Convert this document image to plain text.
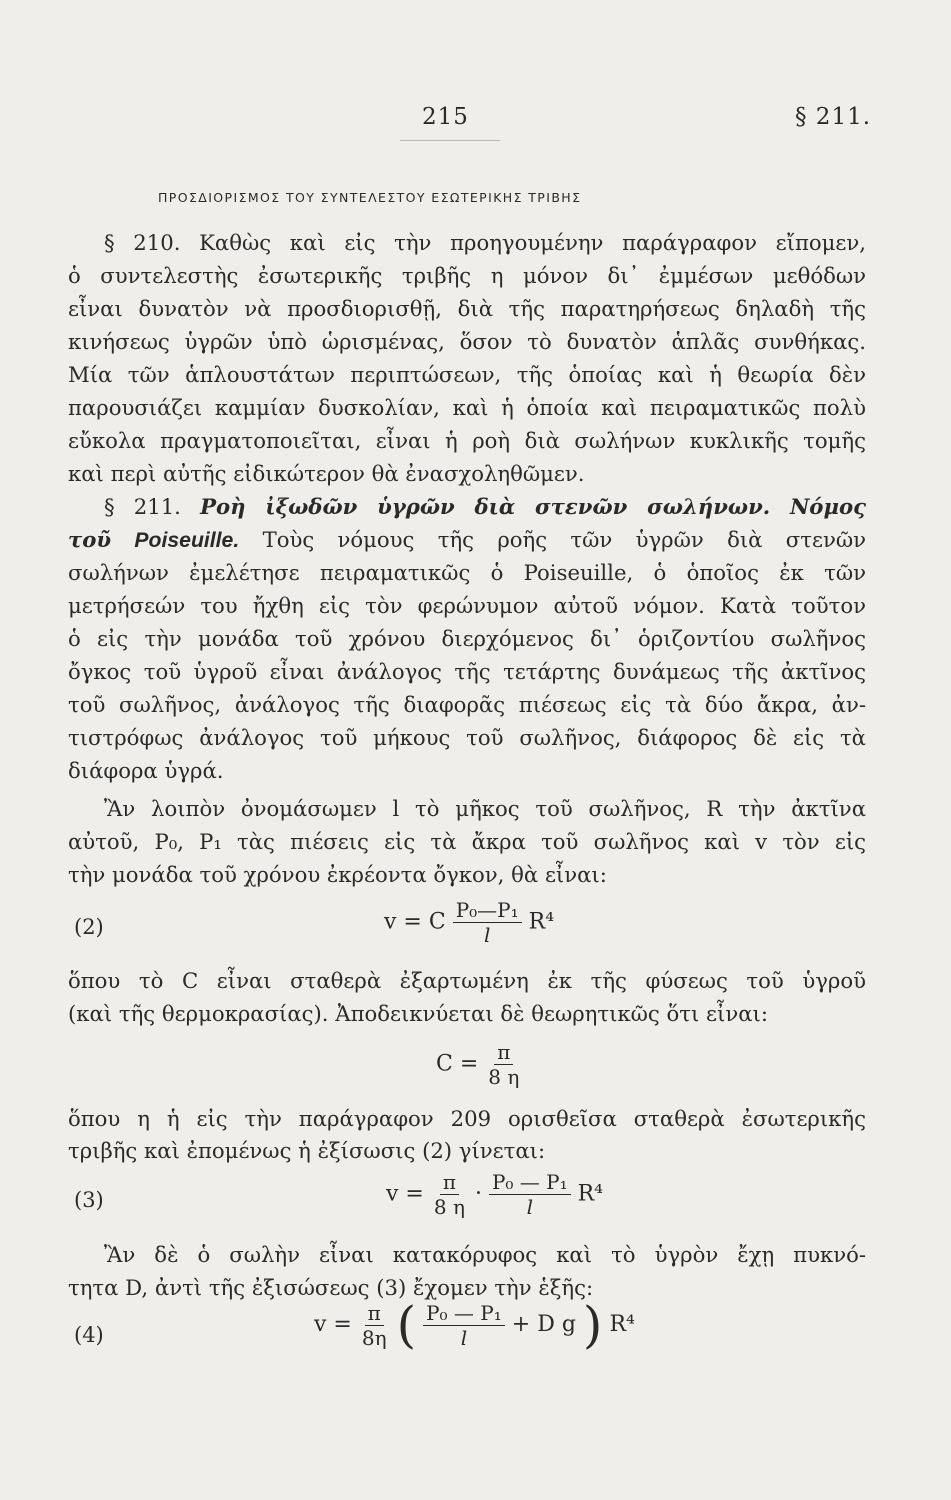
215	§ 211.
ΠΡΟΣΔΙΟΡΙΣΜΟΣ ΤΟΥ ΣΥΝΤΕΛΕΣΤΟΥ ΕΣΩΤΕΡΙΚΗΣ ΤΡΙΒΗΣ
§ 210. Καθὼς καὶ εἰς τὴν προηγουμένην παράγραφον εἴπομεν,
ὁ συντελεστὴς ἐσωτερικῆς τριβῆς η μόνον δι᾽ ἐμμέσων μεθόδων
εἶναι δυνατὸν νὰ προσδιορισθῇ, διὰ τῆς παρατηρήσεως δηλαδὴ τῆς
κινήσεως ὑγρῶν ὑπὸ ὡρισμένας, ὅσον τὸ δυνατὸν ἁπλᾶς συνθήκας.
Μία τῶν ἁπλουστάτων περιπτώσεων, τῆς ὁποίας καὶ ἡ θεωρία δὲν
παρουσιάζει καμμίαν δυσκολίαν, καὶ ἡ ὁποία καὶ πειραματικῶς πολὺ
εὔκολα πραγματοποιεῖται, εἶναι ἡ ροὴ διὰ σωλήνων κυκλικῆς τομῆς
καὶ περὶ αὐτῆς εἰδικώτερον θὰ ἐνασχοληθῶμεν.
§ 211. Ροὴ ἰξωδῶν ὑγρῶν διὰ στενῶν σωλήνων. Νόμος
τοῦ Poiseuille. Τοὺς νόμους τῆς ροῆς τῶν ὑγρῶν διὰ στενῶν
σωλήνων ἐμελέτησε πειραματικῶς ὁ Poiseuille, ὁ ὁποῖος ἐκ τῶν
μετρήσεών του ἤχθη εἰς τὸν φερώνυμον αὐτοῦ νόμον. Κατὰ τοῦτον
ὁ εἰς τὴν μονάδα τοῦ χρόνου διερχόμενος δι᾽ ὁριζοντίου σωλῆνος
ὄγκος τοῦ ὑγροῦ εἶναι ἀνάλογος τῆς τετάρτης δυνάμεως τῆς ἀκτῖνος
τοῦ σωλῆνος, ἀνάλογος τῆς διαφορᾶς πιέσεως εἰς τὰ δύο ἄκρα, ἀν-
τιστρόφως ἀνάλογος τοῦ μήκους τοῦ σωλῆνος, διάφορος δὲ εἰς τὰ
διάφορα ὑγρά.
Ἂν λοιπὸν ὀνομάσωμεν l τὸ μῆκος τοῦ σωλῆνος, R τὴν ἀκτῖνα
αὐτοῦ, P₀, P₁ τὰς πιέσεις εἰς τὰ ἄκρα τοῦ σωλῆνος καὶ v τὸν εἰς
τὴν μονάδα τοῦ χρόνου ἐκρέοντα ὄγκον, θὰ εἶναι:
(2)	v = C $\frac{\text{P₀—P₁}}{l} R^4$
ὅπου τὸ C εἶναι σταθερὰ ἐξαρτωμένη ἐκ τῆς φύσεως τοῦ ὑγροῦ
(καὶ τῆς θερμοκρασίας). Ἀποδεικνύεται δὲ θεωρητικῶς ὅτι εἶναι:
$C = \frac{\pi}{8 \eta}$
ὅπου η ἡ εἰς τὴν παράγραφον 209 ορισθεῖσα σταθερὰ ἐσωτερικῆς
τριβῆς καὶ ἐπομένως ἡ ἐξίσωσις (2) γίνεται:
(3)	$v = \frac{\pi}{8 \eta} \cdot \frac{\text{P₀ — P₁}}{l} R^4$
Ἂν δὲ ὁ σωλὴν εἶναι κατακόρυφος καὶ τὸ ὑγρὸν ἔχῃ πυκνό-
τητα D, ἀντὶ τῆς ἐξισώσεως (3) ἔχομεν τὴν ἑξῆς:
(4)	$v = \frac{\pi}{8\eta}$ ( $\frac{\text{P₀ — P₁}}{l} + D$ g ) R⁴
